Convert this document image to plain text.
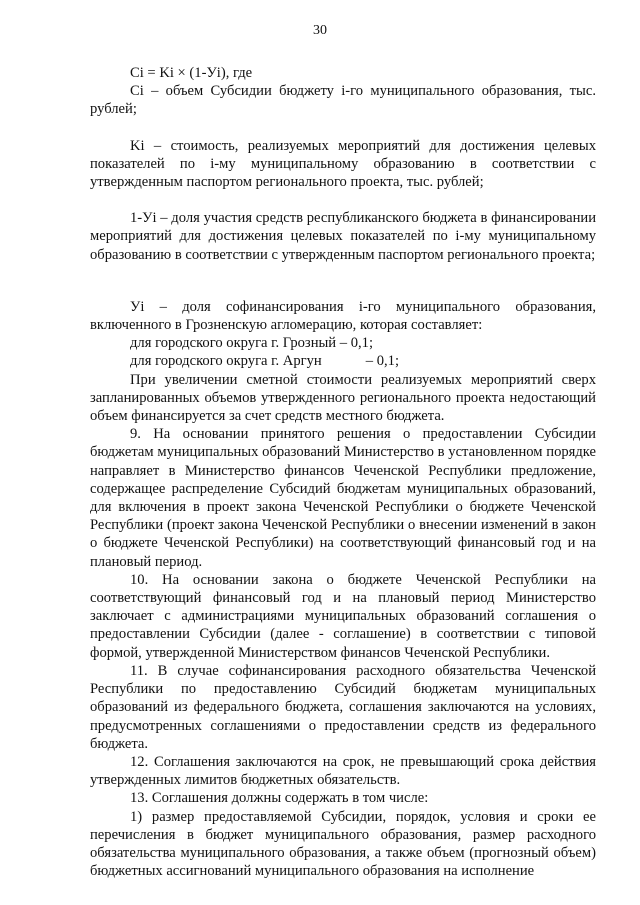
30

Ci = Ki × (1-Уi), где

Ci – объем Субсидии бюджету i-го муниципального образования, тыс. рублей;

Ki – стоимость, реализуемых мероприятий для достижения целевых показателей по i-му муниципальному образованию в соответствии с утвержденным паспортом регионального проекта, тыс. рублей;

1-Уi – доля участия средств республиканского бюджета в финансировании мероприятий для достижения целевых показателей по i-му муниципальному образованию в соответствии с утвержденным паспортом регионального проекта;

Уi – доля софинансирования i-го муниципального образования, включенного в Грозненскую агломерацию, которая составляет:

для городского округа г. Грозный – 0,1;

для городского округа г. Аргун	– 0,1;

При увеличении сметной стоимости реализуемых мероприятий сверх запланированных объемов утвержденного регионального проекта недостающий объем финансируется за счет средств местного бюджета.

9. На основании принятого решения о предоставлении Субсидии бюджетам муниципальных образований Министерство в установленном порядке направляет в Министерство финансов Чеченской Республики предложение, содержащее распределение Субсидий бюджетам муниципальных образований, для включения в проект закона Чеченской Республики о бюджете Чеченской Республики (проект закона Чеченской Республики о внесении изменений в закон о бюджете Чеченской Республики) на соответствующий финансовый год и на плановый период.

10. На основании закона о бюджете Чеченской Республики на соответствующий финансовый год и на плановый период Министерство заключает с администрациями муниципальных образований соглашения о предоставлении Субсидии (далее - соглашение) в соответствии с типовой формой, утвержденной Министерством финансов Чеченской Республики.

11. В случае софинансирования расходного обязательства Чеченской Республики по предоставлению Субсидий бюджетам муниципальных образований из федерального бюджета, соглашения заключаются на условиях, предусмотренных соглашениями о предоставлении средств из федерального бюджета.

12. Соглашения заключаются на срок, не превышающий срока действия утвержденных лимитов бюджетных обязательств.

13. Соглашения должны содержать в том числе:

1) размер предоставляемой Субсидии, порядок, условия и сроки ее перечисления в бюджет муниципального образования, размер расходного обязательства муниципального образования, а также объем (прогнозный объем) бюджетных ассигнований муниципального образования на исполнение
